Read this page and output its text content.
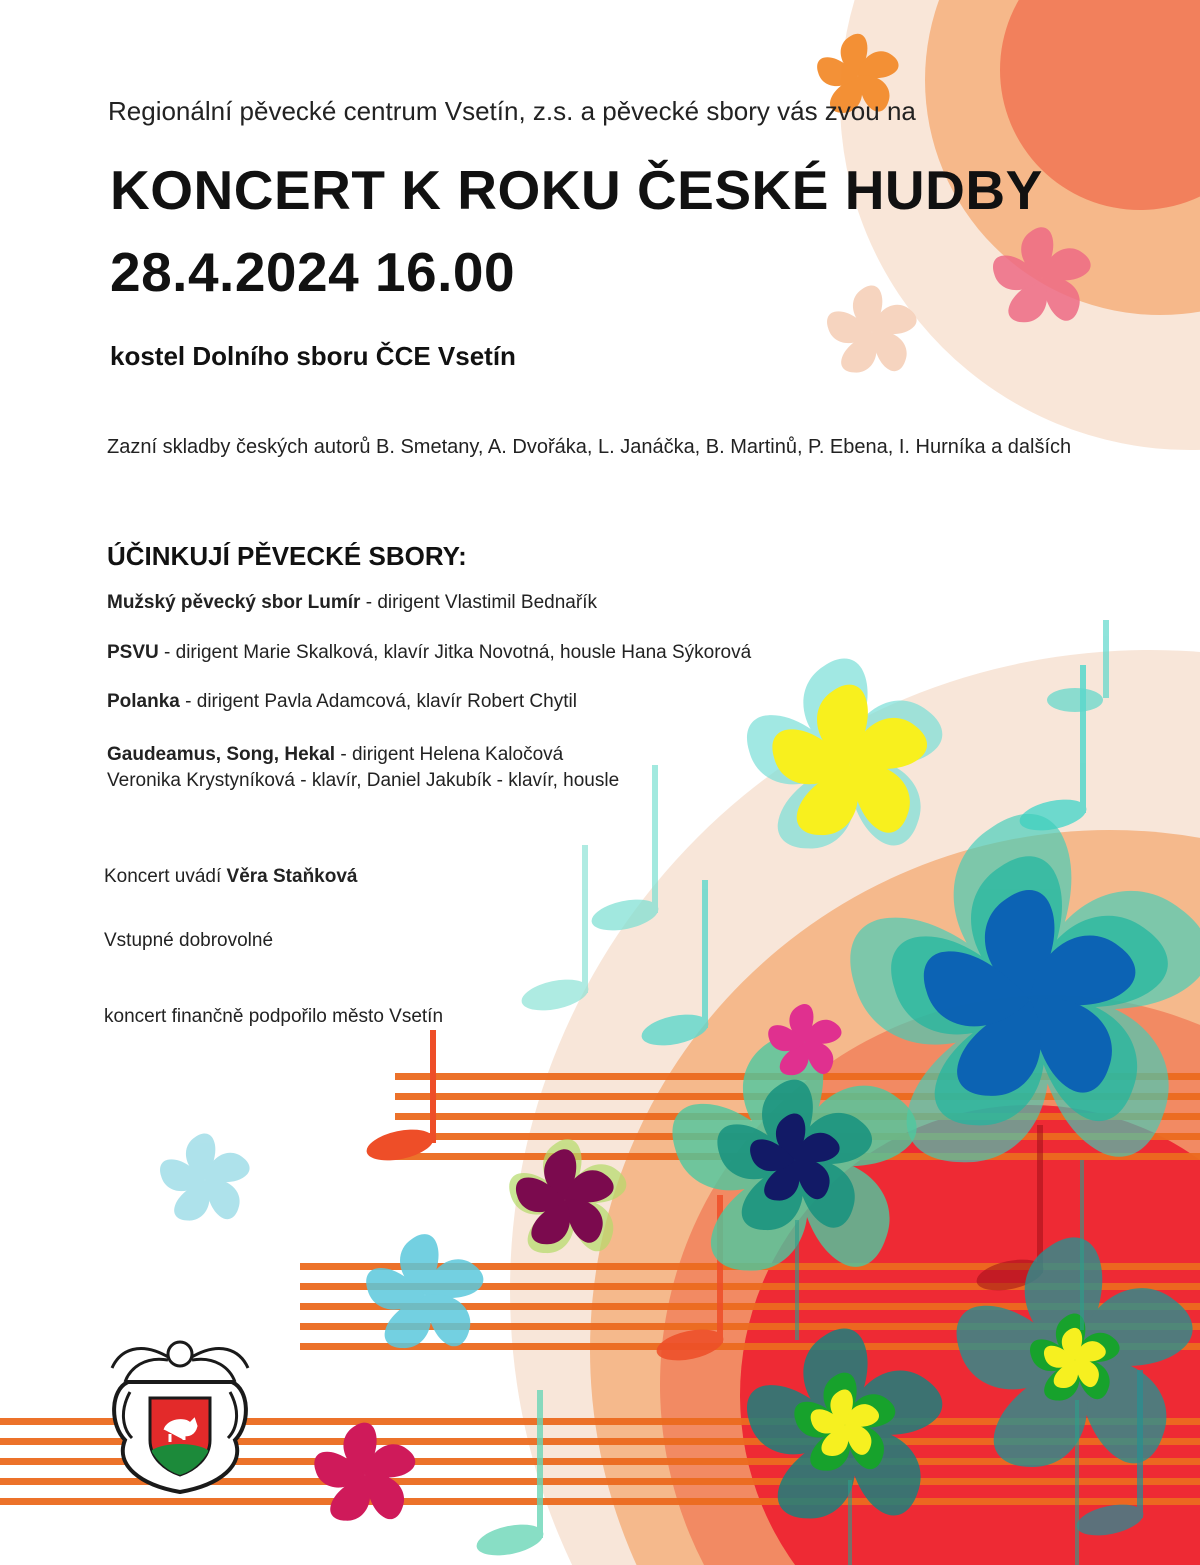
Regionální pěvecké centrum Vsetín, z.s. a pěvecké sbory vás zvou na

KONCERT K ROKU ČESKÉ HUDBY
28.4.2024 16.00

kostel Dolního sboru ČCE Vsetín

Zazní skladby českých autorů B. Smetany, A. Dvořáka, L. Janáčka, B. Martinů, P. Ebena, I. Hurníka a dalších

ÚČINKUJÍ PĚVECKÉ SBORY:

Mužský pěvecký sbor Lumír - dirigent Vlastimil Bednařík

PSVU - dirigent Marie Skalková, klavír Jitka Novotná, housle Hana Sýkorová

Polanka - dirigent Pavla Adamcová, klavír Robert Chytil

Gaudeamus, Song, Hekal - dirigent Helena Kaločová
Veronika Krystyníková - klavír, Daniel Jakubík - klavír, housle

Koncert uvádí Věra Staňková

Vstupné dobrovolné

koncert finančně podpořilo město Vsetín
